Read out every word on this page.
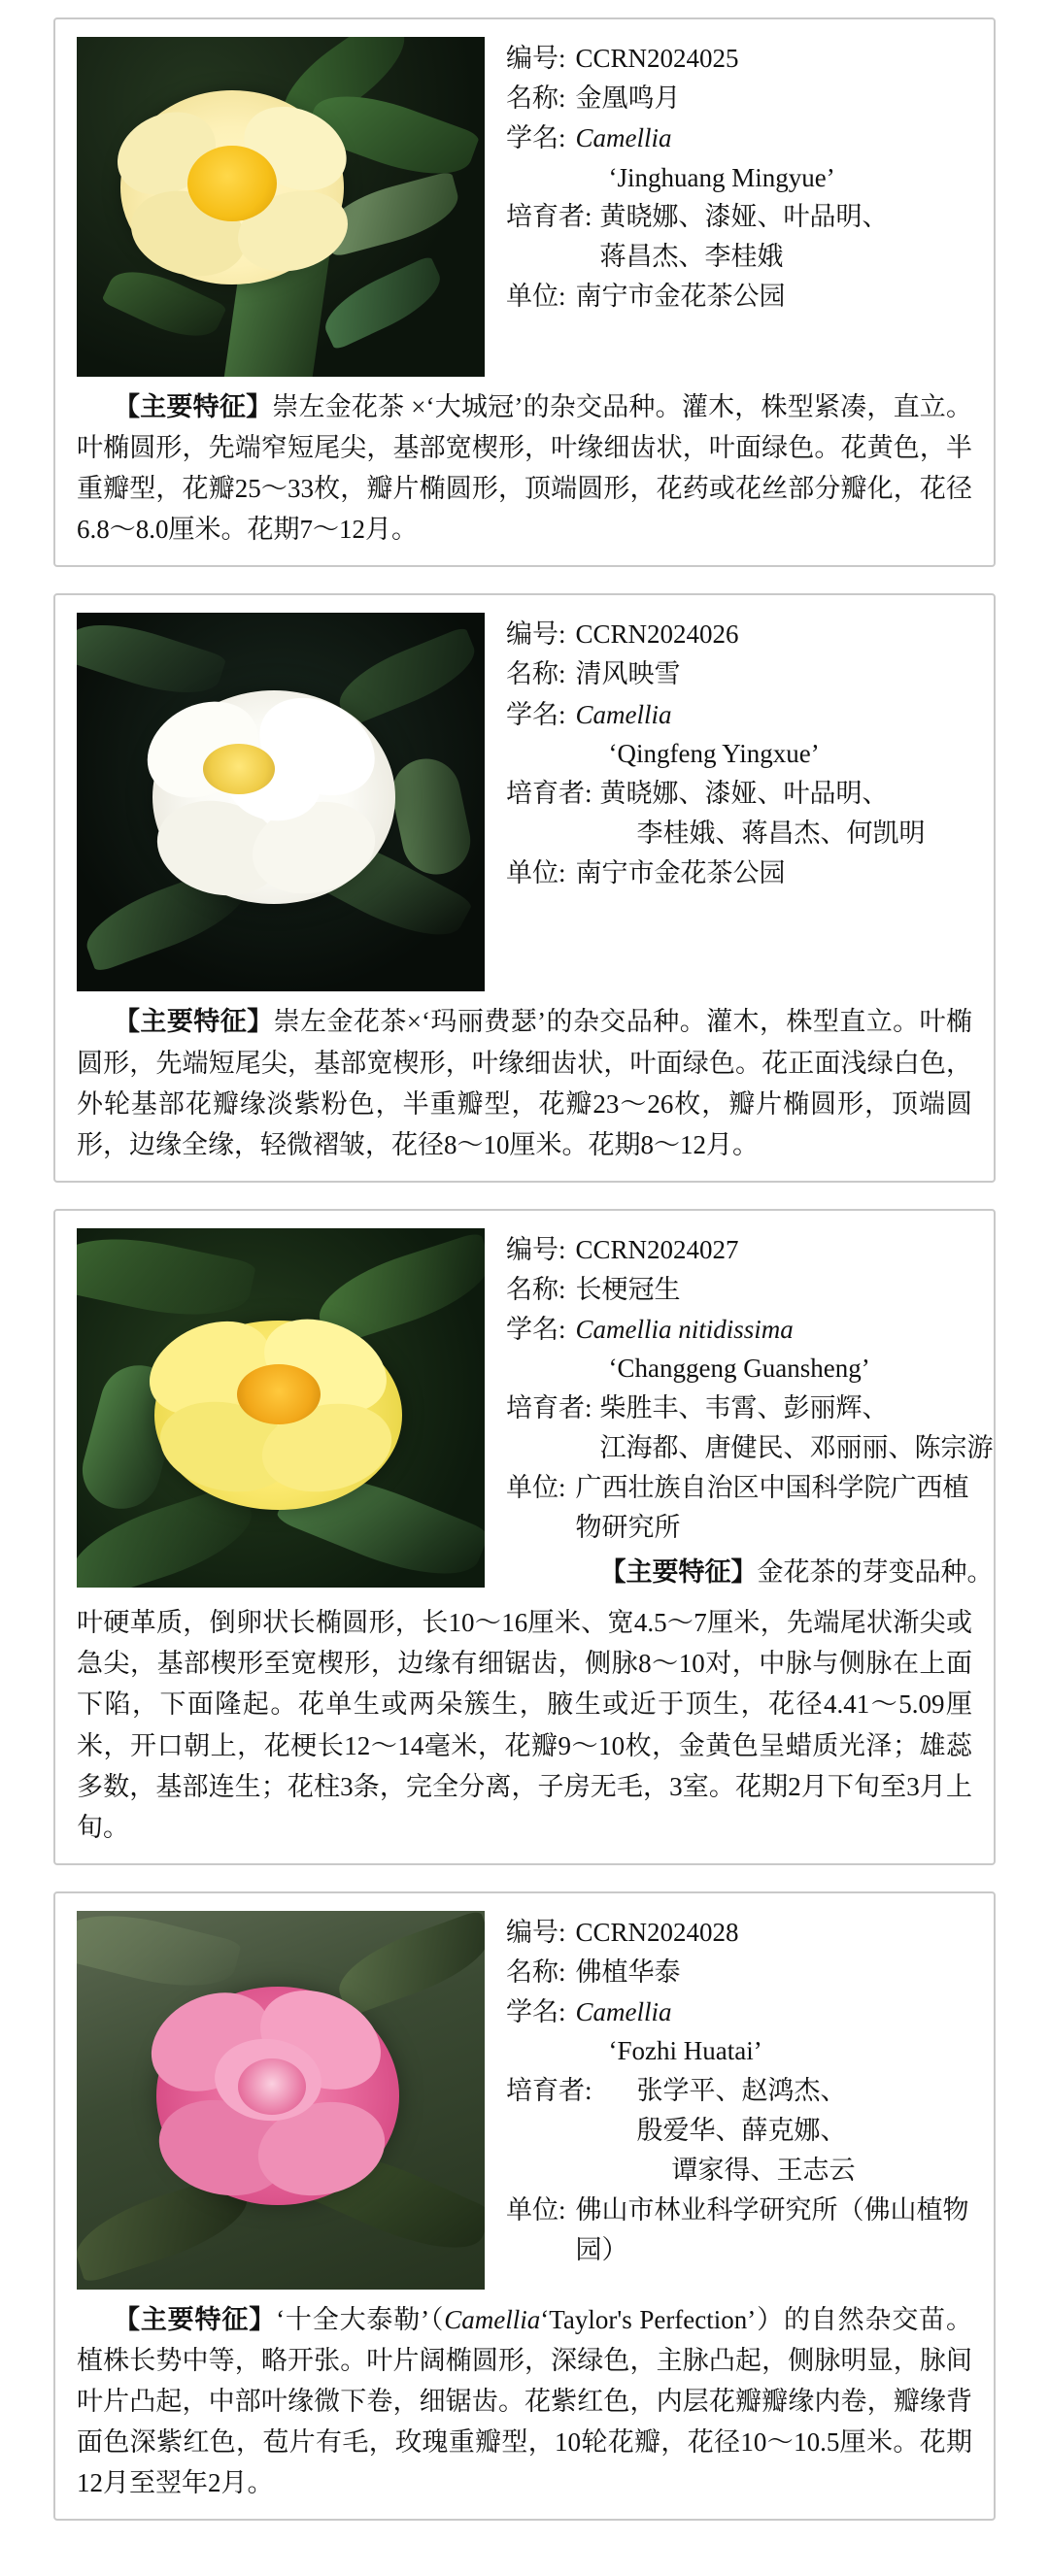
编号: CCRN2024025
名称: 金凰鸣月
学名: Camellia
‘Jinghuang Mingyue’
培育者: 黄晓娜、漆娅、叶品明、
蒋昌杰、李桂娥
单位: 南宁市金花茶公园
【主要特征】崇左金花茶 ×‘大城冠’的杂交品种。灌木，株型紧凑，直立。叶椭圆形，先端窄短尾尖，基部宽楔形，叶缘细齿状，叶面绿色。花黄色，半重瓣型，花瓣25～33枚，瓣片椭圆形，顶端圆形，花药或花丝部分瓣化，花径6.8～8.0厘米。花期7～12月。
编号: CCRN2024026
名称: 清风映雪
学名: Camellia
‘Qingfeng Yingxue’
培育者: 黄晓娜、漆娅、叶品明、
李桂娥、蒋昌杰、何凯明
单位: 南宁市金花茶公园
【主要特征】崇左金花茶×‘玛丽费瑟’的杂交品种。灌木，株型直立。叶椭圆形，先端短尾尖，基部宽楔形，叶缘细齿状，叶面绿色。花正面浅绿白色，外轮基部花瓣缘淡紫粉色，半重瓣型，花瓣23～26枚，瓣片椭圆形，顶端圆形，边缘全缘，轻微褶皱，花径8～10厘米。花期8～12月。
编号: CCRN2024027
名称: 长梗冠生
学名: Camellia nitidissima
‘Changgeng Guansheng’
培育者: 柴胜丰、韦霄、彭丽辉、
江海都、唐健民、邓丽丽、陈宗游
单位: 广西壮族自治区中国科学院广西植物研究所
【主要特征】金花茶的芽变品种。
叶硬革质，倒卵状长椭圆形，长10～16厘米、宽4.5～7厘米，先端尾状渐尖或急尖，基部楔形至宽楔形，边缘有细锯齿，侧脉8～10对，中脉与侧脉在上面下陷，下面隆起。花单生或两朵簇生，腋生或近于顶生，花径4.41～5.09厘米，开口朝上，花梗长12～14毫米，花瓣9～10枚，金黄色呈蜡质光泽；雄蕊多数，基部连生；花柱3条，完全分离，子房无毛，3室。花期2月下旬至3月上旬。
编号: CCRN2024028
名称: 佛植华泰
学名: Camellia
‘Fozhi Huatai’
培育者:	张学平、赵鸿杰、
殷爱华、薛克娜、
谭家得、王志云
单位: 佛山市林业科学研究所（佛山植物园）
【主要特征】‘十全大泰勒’（Camellia‘Taylor's Perfection’）的自然杂交苗。植株长势中等，略开张。叶片阔椭圆形，深绿色，主脉凸起，侧脉明显，脉间叶片凸起，中部叶缘微下卷，细锯齿。花紫红色，内层花瓣瓣缘内卷，瓣缘背面色深紫红色，苞片有毛，玫瑰重瓣型，10轮花瓣，花径10～10.5厘米。花期12月至翌年2月。
